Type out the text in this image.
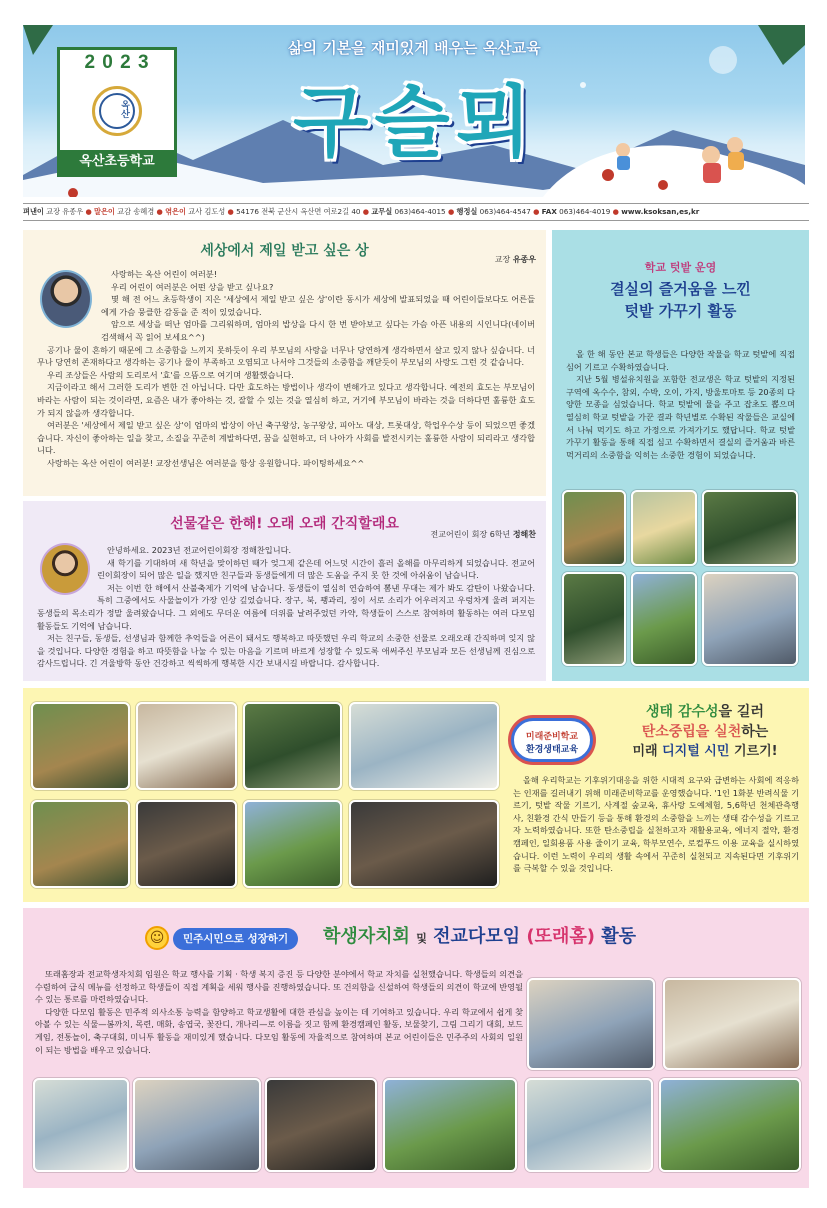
2 0 2 3
옥산
옥산초등학교
삶의 기본을 재미있게 배우는 옥산교육
구슬뫼
펴낸이 교장 유종우 ● 말은이 교감 송혜경 ● 엮은이 교사 김도성 ● 54176 전북 군산시 옥산면 여로2길 40 ● 교무실 063)464-4015 ● 행정실 063)464-4547 ● FAX 063)464-4019 ● www.ksoksan,es,kr
세상에서 제일 받고 싶은 상
교장 유종우

사랑하는 옥산 어린이 여러분!

우리 어린이 여러분은 어떤 상을 받고 싶나요?

몇 해 전 어느 초등학생이 지은 '세상에서 제일 받고 싶은 상'이란 동시가 세상에 발표되었을 때 어린이들보다도 어른들에게 가슴 뭉클한 감동을 준 적이 있었습니다.

암으로 세상을 떠난 엄마를 그리워하며, 엄마의 밥상을 다시 한 번 받아보고 싶다는 가슴 아픈 내용의 시인니다(네이버 검색해서 꼭 읽어 보세요^^)

공기나 물이 흔하기 때문에 그 소중함을 느끼지 못하듯이 우리 부모님의 사랑을 너무나 당연하게 생각하면서 살고 있지 않나 싶습니다. 너무나 당연히 존재하다고 생각하는 공기나 물이 부족하고 오염되고 나서야 그것들의 소중함을 깨닫듯이 부모님의 사랑도 그런 것 같습니다.

우리 조상들은 사람의 도리로서 '효'를 으뜸으로 여기며 생활했습니다.

지금이라고 해서 그러한 도리가 변한 건 아닙니다. 다만 효도하는 방법이나 생각이 변해가고 있다고 생각합니다. 예전의 효도는 부모님이 바라는 사람이 되는 것이라면, 요즘은 내가 좋아하는 것, 잘할 수 있는 것을 열심히 하고, 거기에 부모님이 바라는 것을 더하다면 훌륭한 효도가 되지 않을까 생각합니다.

여러분은 '세상에서 제일 받고 싶은 상'이 엄마의 밥상이 아닌 축구왕상, 농구왕상, 피아노 대상, 트롯대상, 학업우수상 등이 되었으면 좋겠습니다. 자신이 좋아하는 일을 찾고, 소질을 꾸준히 계발하다면, 꿈을 실현하고, 더 나아가 사회를 발전시키는 훌륭한 사람이 되리라고 생각합니다.

사랑하는 옥산 어린이 여러분! 교장선생님은 여러분을 항상 응원합니다. 파이팅하세요^^

선물같은 한해! 오래 오래 간직할래요
전교어린이 회장 6학년 정해찬

안녕하세요. 2023년 전교어린이회장 정해찬입니다.

새 학기를 기대하며 새 학년을 맞이하던 때가 엊그제 같은데 어느덧 시간이 흘러 올해를 마무리하게 되었습니다. 전교어린이회장이 되어 많은 일을 했지만 친구들과 동생들에게 더 많은 도움을 주지 못 한 것에 아쉬움이 남습니다.

저는 이번 한 해에서 산불축제가 기억에 남습니다. 동생들이 열심히 연습하여 뽐낸 무대는 제가 봐도 감탄이 나왔습니다. 특히 그중에서도 사물놀이가 가장 인상 깊었습니다. 장구, 북, 꽹과리, 징이 서로 소리가 어우러지고 우렁차게 울려 퍼지는 동생들의 목소리가 정말 울려왔습니다. 그 외에도 무더운 여름에 더위를 날려주었던 카약, 학생들이 스스로 참여하며 활동하는 여러 다모임 활동들도 기억에 남습니다.

저는 친구들, 동생들, 선생님과 함께한 추억들을 어른이 돼서도 행복하고 따뜻했던 우리 학교의 소중한 선물로 오래오래 간직하며 잊지 않을 것입니다. 다양한 경험을 하고 따뜻함을 나눌 수 있는 마음을 기르며 바르게 성장할 수 있도록 애써주신 부모님과 모든 선생님께 진심으로 감사드립니다. 긴 겨울방학 동안 건강하고 씩씩하게 행복한 시간 보내시길 바랍니다. 감사합니다.

학교 텃밭 운영
결실의 즐거움을 느낀
텃밭 가꾸기 활동

올 한 해 동안 본교 학생들은 다양한 작물을 학교 텃밭에 직접 심어 기르고 수확하였습니다.

지난 5월 병설유치원을 포함한 전교생은 학교 텃밭의 지정된 구역에 옥수수, 참외, 수박, 오이, 가지, 방울토마토 등 20종의 다양한 모종을 심었습니다. 학교 텃밭에 물을 주고 잡초도 뽑으며 열심히 학교 텃밭을 가꾼 결과 학년별로 수확된 작물들은 교실에서 나눠 먹기도 하고 가정으로 가져가기도 했답니다. 학교 텃밭 가꾸기 활동을 통해 직접 심고 수확하면서 결실의 즐거움과 바른 먹거리의 소중함을 익히는 소중한 경험이 되었습니다.

미래준비학교
환경생태교육
생태 감수성을 길러
탄소중립을 실천하는
미래 디지털 시민 기르기!
올해 우리학교는 기후위기대응을 위한 시대적 요구와 급변하는 사회에 적응하는 인재를 길러내기 위해 미래준비학교를 운영했습니다. '1인 1화분 반려식물 기르기, 텃밭 작물 기르기, 사계절 숲교육, 휴사랑 도예체험, 5,6학년 천체관측행사, 친환경 간식 만들기 등을 통해 환경의 소중함을 느끼는 생태 감수성을 기르고자 노력하였습니다. 또한 탄소중립을 실천하고자 재활용교육, 에너지 절약, 환경캠페인, 일회용품 사용 줄이기 교육, 학부모연수, 로컬푸드 이용 교육을 실시하였습니다. 이런 노력이 우리의 생활 속에서 꾸준히 실천되고 지속된다면 기후위기를 극복할 수 있을 것입니다.
☺	민주시민으로 성장하기	학생자치회 및 전교다모임 (또래홈) 활동

또래홈장과 전교학생자치회 임원은 학교 행사를 기획 · 학생 복지 증진 등 다양한 분야에서 학교 자치를 실천했습니다. 학생들의 의견을 수렴하여 급식 메뉴를 선정하고 학생들이 직접 계획을 세워 행사를 진행하였습니다. 또 건의함을 신설하여 학생들의 의견이 학교에 반영될 수 있는 통로를 마련하였습니다.

다양한 다모임 활동은 민주적 의사소통 능력을 함양하고 학교생활에 대한 관심을 높이는 데 기여하고 있습니다. 우리 학교에서 쉽게 찾아볼 수 있는 식물—봄까치, 목련, 매화, 송엽국, 꽃잔디, 개나리—로 이름을 짓고 함께 환경캠페인 활동, 보물찾기, 그림 그리기 대회, 보드게임, 전통놀이, 축구대회, 미니투 활동을 재미있게 했습니다. 다모임 활동에 자율적으로 참여하며 본교 어린이들은 민주주의 사회의 일원이 되는 방법을 배우고 있습니다.
